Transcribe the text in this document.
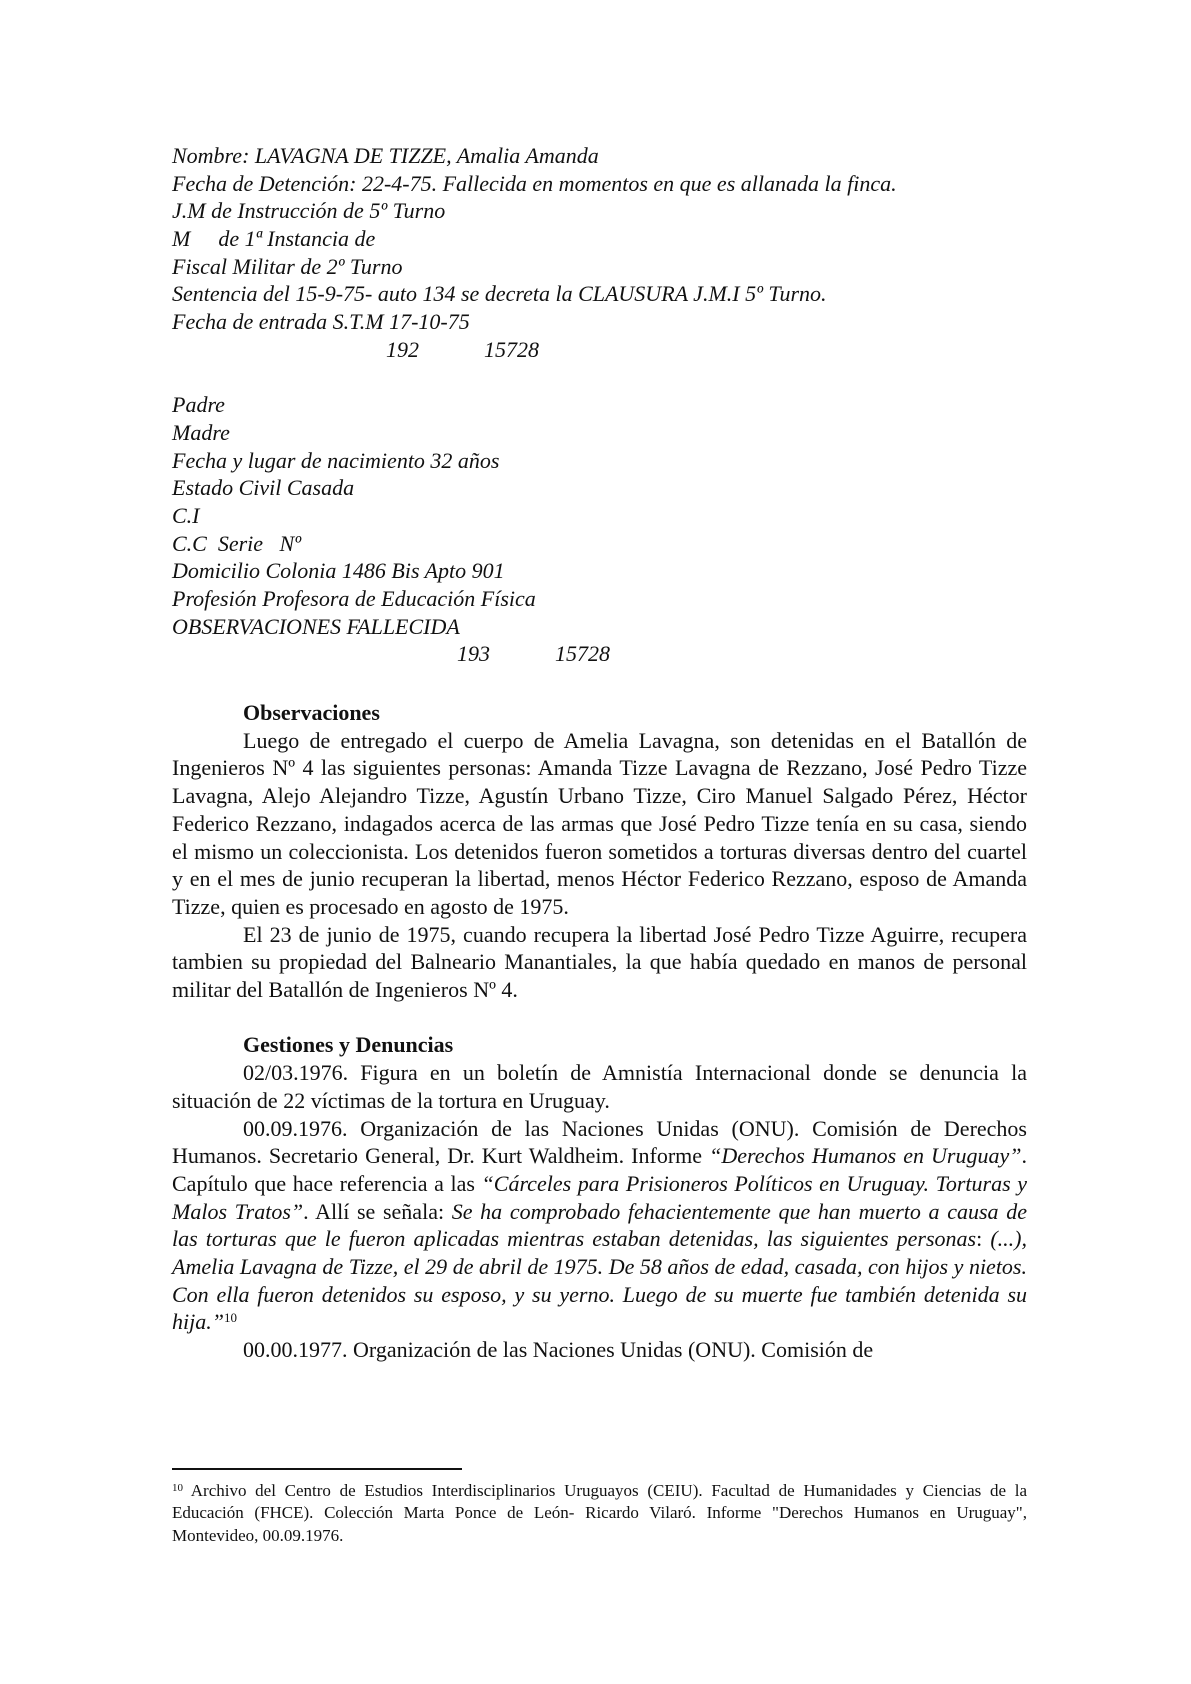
Nombre: LAVAGNA DE TIZZE, Amalia Amanda
Fecha de Detención: 22-4-75. Fallecida en momentos en que es allanada la finca.
J.M de Instrucción de 5º Turno
M de 1ª Instancia de
Fiscal Militar de 2º Turno
Sentencia del 15-9-75- auto 134 se decreta la CLAUSURA J.M.I 5º Turno.
Fecha de entrada S.T.M 17-10-75
192	15728
Padre
Madre
Fecha y lugar de nacimiento 32 años
Estado Civil Casada
C.I
C.C  Serie   Nº
Domicilio Colonia 1486 Bis Apto 901
Profesión Profesora de Educación Física
OBSERVACIONES FALLECIDA
193	15728

Observaciones

Luego de entregado el cuerpo de Amelia Lavagna, son detenidas en el Batallón de Ingenieros Nº 4 las siguientes personas: Amanda Tizze Lavagna de Rezzano, José Pedro Tizze Lavagna, Alejo Alejandro Tizze, Agustín Urbano Tizze, Ciro Manuel Salgado Pérez, Héctor Federico Rezzano, indagados acerca de las armas que José Pedro Tizze tenía en su casa, siendo el mismo un coleccionista. Los detenidos fueron sometidos a torturas diversas dentro del cuartel y en el mes de junio recuperan la libertad, menos Héctor Federico Rezzano, esposo de Amanda Tizze, quien es procesado en agosto de 1975.

El 23 de junio de 1975, cuando recupera la libertad José Pedro Tizze Aguirre, recupera tambien su propiedad del Balneario Manantiales, la que había quedado en manos de personal militar del Batallón de Ingenieros Nº 4.

Gestiones y Denuncias

02/03.1976. Figura en un boletín de Amnistía Internacional donde se denuncia la situación de 22 víctimas de la tortura en Uruguay.

00.09.1976. Organización de las Naciones Unidas (ONU). Comisión de Derechos Humanos. Secretario General, Dr. Kurt Waldheim. Informe “Derechos Humanos en Uruguay”. Capítulo que hace referencia a las “Cárceles para Prisioneros Políticos en Uruguay. Torturas y Malos Tratos”. Allí se señala: Se ha comprobado fehacientemente que han muerto a causa de las torturas que le fueron aplicadas mientras estaban detenidas, las siguientes personas: (...), Amelia Lavagna de Tizze, el 29 de abril de 1975. De 58 años de edad, casada, con hijos y nietos. Con ella fueron detenidos su esposo, y su yerno. Luego de su muerte fue también detenida su hija.”$^{10}$

00.00.1977. Organización de las Naciones Unidas (ONU). Comisión de

$^{10}$ Archivo del Centro de Estudios Interdisciplinarios Uruguayos (CEIU). Facultad de Humanidades y Ciencias de la Educación (FHCE). Colección Marta Ponce de León- Ricardo Vilaró. Informe "Derechos Humanos en Uruguay", Montevideo, 00.09.1976.
